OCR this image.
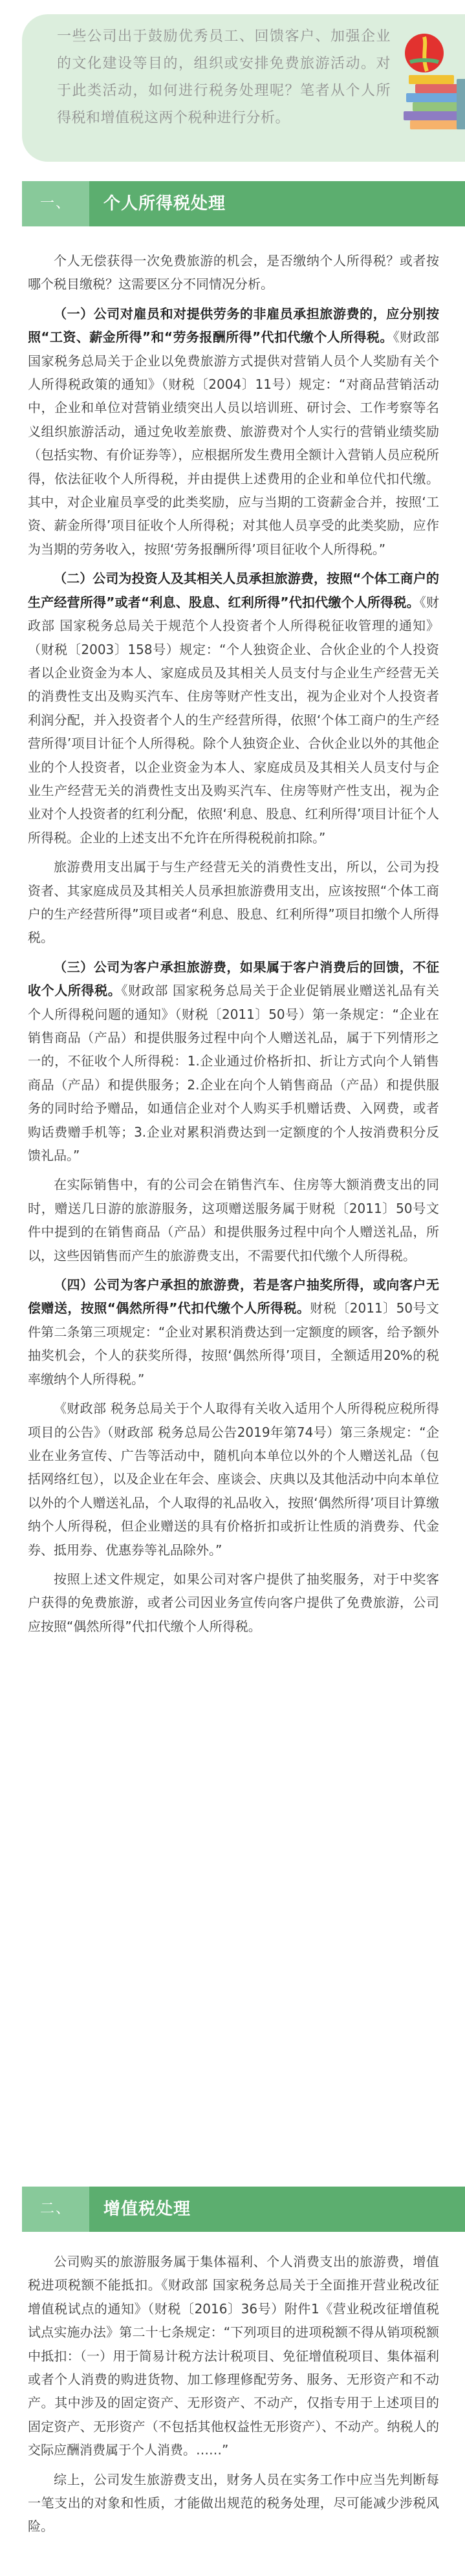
一些公司出于鼓励优秀员工、回馈客户、加强企业的文化建设等目的，组织或安排免费旅游活动。对于此类活动，如何进行税务处理呢？笔者从个人所得税和增值税这两个税种进行分析。
一、	个人所得税处理

个人无偿获得一次免费旅游的机会，是否缴纳个人所得税？或者按哪个税目缴税？这需要区分不同情况分析。

（一）公司对雇员和对提供劳务的非雇员承担旅游费的，应分别按照“工资、薪金所得”和“劳务报酬所得”代扣代缴个人所得税。《财政部 国家税务总局关于企业以免费旅游方式提供对营销人员个人奖励有关个人所得税政策的通知》（财税〔2004〕11号）规定：“对商品营销活动中，企业和单位对营销业绩突出人员以培训班、研讨会、工作考察等名义组织旅游活动，通过免收差旅费、旅游费对个人实行的营销业绩奖励（包括实物、有价证券等），应根据所发生费用全额计入营销人员应税所得，依法征收个人所得税，并由提供上述费用的企业和单位代扣代缴。其中，对企业雇员享受的此类奖励，应与当期的工资薪金合并，按照‘工资、薪金所得’项目征收个人所得税；对其他人员享受的此类奖励，应作为当期的劳务收入，按照‘劳务报酬所得’项目征收个人所得税。”

（二）公司为投资人及其相关人员承担旅游费，按照“个体工商户的生产经营所得”或者“利息、股息、红利所得”代扣代缴个人所得税。《财政部 国家税务总局关于规范个人投资者个人所得税征收管理的通知》（财税〔2003〕158号）规定：“个人独资企业、合伙企业的个人投资者以企业资金为本人、家庭成员及其相关人员支付与企业生产经营无关的消费性支出及购买汽车、住房等财产性支出，视为企业对个人投资者利润分配，并入投资者个人的生产经营所得，依照‘个体工商户的生产经营所得’项目计征个人所得税。除个人独资企业、合伙企业以外的其他企业的个人投资者，以企业资金为本人、家庭成员及其相关人员支付与企业生产经营无关的消费性支出及购买汽车、住房等财产性支出，视为企业对个人投资者的红利分配，依照‘利息、股息、红利所得’项目计征个人所得税。企业的上述支出不允许在所得税税前扣除。”

旅游费用支出属于与生产经营无关的消费性支出，所以，公司为投资者、其家庭成员及其相关人员承担旅游费用支出，应该按照“个体工商户的生产经营所得”项目或者“利息、股息、红利所得”项目扣缴个人所得税。

（三）公司为客户承担旅游费，如果属于客户消费后的回馈，不征收个人所得税。《财政部 国家税务总局关于企业促销展业赠送礼品有关个人所得税问题的通知》（财税〔2011〕50号）第一条规定：“企业在销售商品（产品）和提供服务过程中向个人赠送礼品，属于下列情形之一的，不征收个人所得税：1.企业通过价格折扣、折让方式向个人销售商品（产品）和提供服务；2.企业在向个人销售商品（产品）和提供服务的同时给予赠品，如通信企业对个人购买手机赠话费、入网费，或者购话费赠手机等；3.企业对累积消费达到一定额度的个人按消费积分反馈礼品。”

在实际销售中，有的公司会在销售汽车、住房等大额消费支出的同时，赠送几日游的旅游服务，这项赠送服务属于财税〔2011〕50号文件中提到的在销售商品（产品）和提供服务过程中向个人赠送礼品，所以，这些因销售而产生的旅游费支出，不需要代扣代缴个人所得税。

（四）公司为客户承担的旅游费，若是客户抽奖所得，或向客户无偿赠送，按照“偶然所得”代扣代缴个人所得税。财税〔2011〕50号文件第二条第三项规定：“企业对累积消费达到一定额度的顾客，给予额外抽奖机会，个人的获奖所得，按照‘偶然所得’项目，全额适用20%的税率缴纳个人所得税。”

《财政部 税务总局关于个人取得有关收入适用个人所得税应税所得项目的公告》（财政部 税务总局公告2019年第74号）第三条规定：“企业在业务宣传、广告等活动中，随机向本单位以外的个人赠送礼品（包括网络红包），以及企业在年会、座谈会、庆典以及其他活动中向本单位以外的个人赠送礼品，个人取得的礼品收入，按照‘偶然所得’项目计算缴纳个人所得税，但企业赠送的具有价格折扣或折让性质的消费券、代金券、抵用券、优惠券等礼品除外。”

按照上述文件规定，如果公司对客户提供了抽奖服务，对于中奖客户获得的免费旅游，或者公司因业务宣传向客户提供了免费旅游，公司应按照“偶然所得”代扣代缴个人所得税。

二、	增值税处理

公司购买的旅游服务属于集体福利、个人消费支出的旅游费，增值税进项税额不能抵扣。《财政部 国家税务总局关于全面推开营业税改征增值税试点的通知》（财税〔2016〕36号）附件1《营业税改征增值税试点实施办法》第二十七条规定：“下列项目的进项税额不得从销项税额中抵扣：（一）用于简易计税方法计税项目、免征增值税项目、集体福利或者个人消费的购进货物、加工修理修配劳务、服务、无形资产和不动产。其中涉及的固定资产、无形资产、不动产，仅指专用于上述项目的固定资产、无形资产（不包括其他权益性无形资产）、不动产。纳税人的交际应酬消费属于个人消费。……”

综上，公司发生旅游费支出，财务人员在实务工作中应当先判断每一笔支出的对象和性质，才能做出规范的税务处理，尽可能减少涉税风险。
